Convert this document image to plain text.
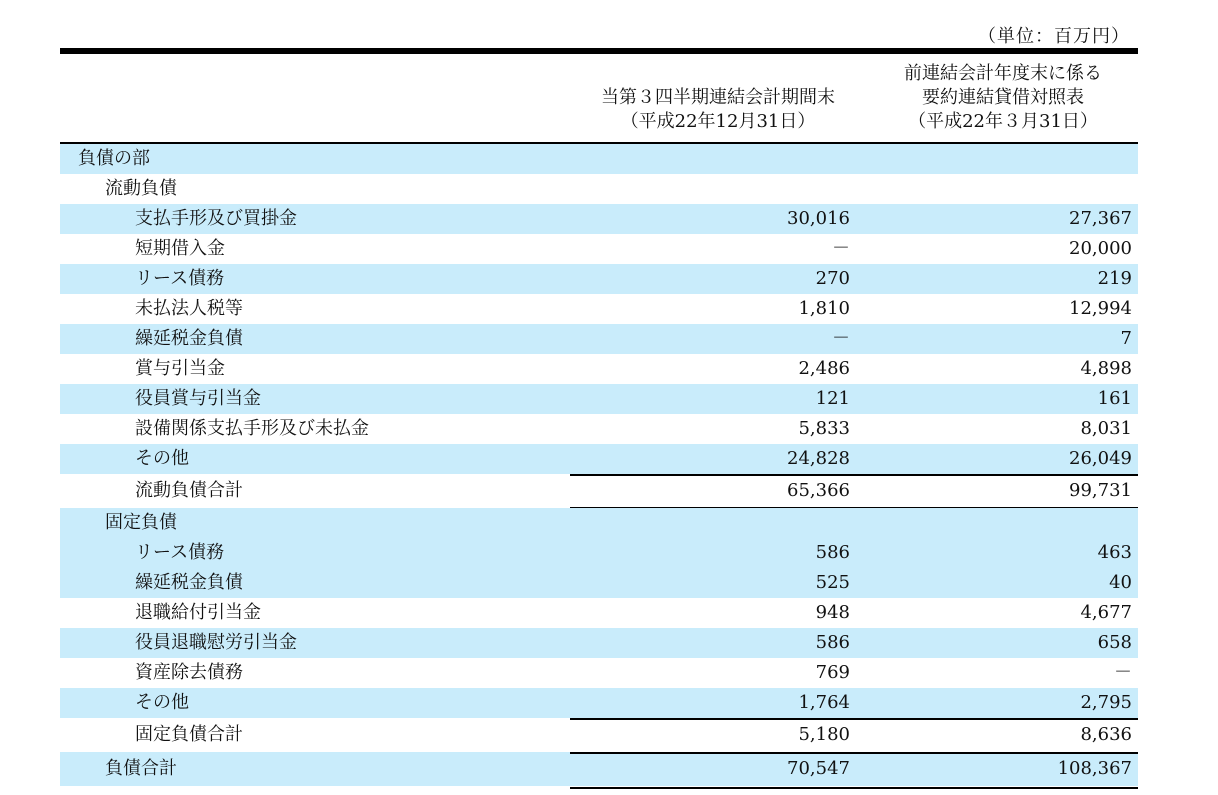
（単位：百万円）
当第３四半期連結会計期間末
（平成22年12月31日）
前連結会計年度末に係る
要約連結貸借対照表
（平成22年３月31日）
負債の部
流動負債
支払手形及び買掛金	30,016	27,367
短期借入金	－	20,000
リース債務	270	219
未払法人税等	1,810	12,994
繰延税金負債	－	7
賞与引当金	2,486	4,898
役員賞与引当金	121	161
設備関係支払手形及び未払金	5,833	8,031
その他	24,828	26,049
流動負債合計	65,366	99,731
固定負債
リース債務	586	463
繰延税金負債	525	40
退職給付引当金	948	4,677
役員退職慰労引当金	586	658
資産除去債務	769	－
その他	1,764	2,795
固定負債合計	5,180	8,636
負債合計	70,547	108,367
